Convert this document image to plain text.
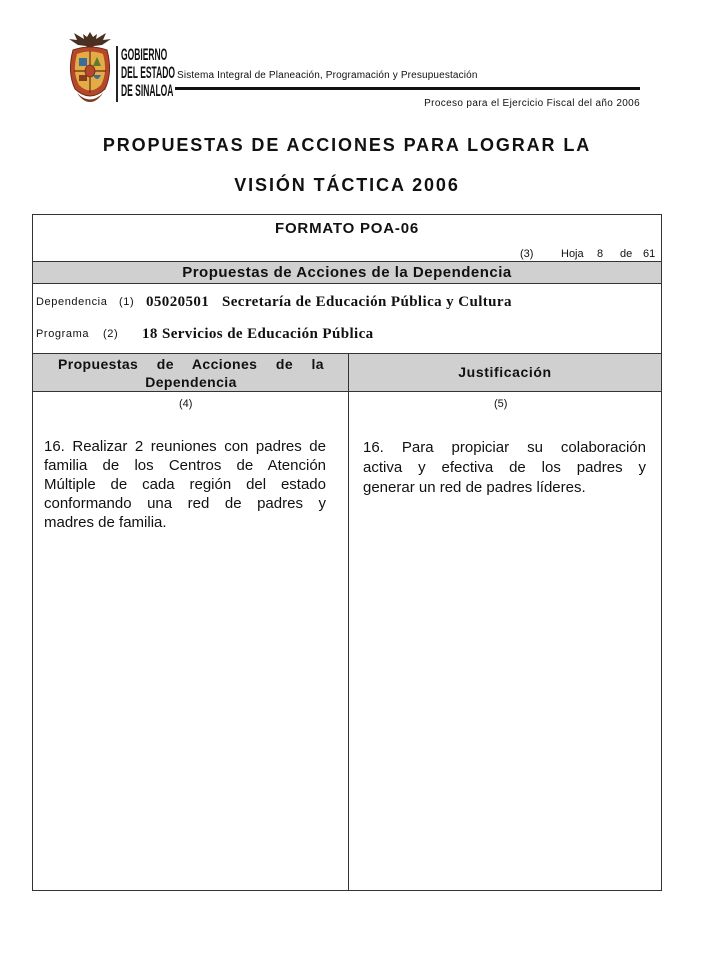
GOBIERNO
DEL ESTADO
DE SINALOA
Sistema Integral de Planeación, Programación y Presupuestación
Proceso para el Ejercicio Fiscal del año 2006
PROPUESTAS DE ACCIONES PARA LOGRAR LA
VISIÓN TÁCTICA 2006
FORMATO POA-06
(3)	Hoja 8 de 61
Propuestas de Acciones de la Dependencia
Dependencia (1) 05020501 Secretaría de Educación Pública y Cultura
Programa (2) 18 Servicios de Educación Pública
Propuestas de Acciones de la Dependencia
Justificación
(4)	(5)
16. Realizar 2 reuniones con padres de
familia de los Centros de Atención
Múltiple de cada región del estado
conformando una red de padres y
madres de familia.
16. Para propiciar su colaboración
activa y efectiva de los padres y
generar un red de padres líderes.
